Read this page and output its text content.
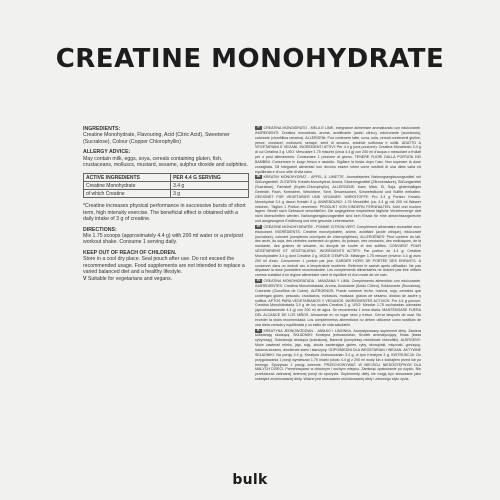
CREATINE MONOHYDRATE
INGREDIENTS:

Creatine Monohydrate, Flavouring, Acid (Citric Acid), Sweetener (Sucralose), Colour (Copper Chlorophyllin)

ALLERGY ADVICE:

May contain milk, eggs, soya, cereals containing gluten, fish, crustaceans, molluscs, mustard, sesame, sulphur dioxide and sulphites.

ACTIVE INGREDIENTS	PER 4.4 G SERVING
Creatine Monohydrate	3.4 g
of which Creatine	3 g

*Creatine increases physical performance in successive bursts of short term, high intensity exercise. The beneficial effect is obtained with a daily intake of 3 g of creatine.

DIRECTIONS:

Mix 1.75 scoops (approximately 4.4 g) with 200 ml water or a pre/post workout shake. Consume 1 serving daily.

KEEP OUT OF REACH OF CHILDREN.

Store in a cool dry place. Seal pouch after use. Do not exceed the recommended usage. Food supplements are not intended to replace a varied balanced diet and a healthy lifestyle.

V Suitable for vegetarians and vegans.

IT CREATINA MONOIDRATO - MELA E LIME. Integratore alimentare aromatizzato con edulcorante. INGREDIENTI: Creatina monoidrato, aroma, acidificante (acido citrico), edulcorante (sucralosio), colorante (clorofillina rameica). ALLERGENI: Può contenere latte, uova, soia, cereali contenenti glutine, pesce, crostacei, molluschi, senape, semi di sesamo, anidride solforosa e solfiti. ADATTO A VEGETARIANI E VEGANI. INGREDIENTI ATTIVI: Per 4.4 g (una porzione): Creatina Monoidrato 3.4 g di cui Creatina 3 g. USO: Mescolare 1.75 misurini (circa 4.4 g) con 200 ml d'acqua o mescolare a frullati pre o post allenamento. Consumare 1 porzione al giorno. TENERE FUORI DALLA PORTATA DEI BAMBINI. Conservare in luogo fresco e asciutto. Sigillare la busta dopo l'uso. Non superare la dose consigliata. Gli integratori alimentari non devono essere intesi come sostituti di una dieta varia ed equilibrata e di uno stile di vita sano.

DE KREATIN MONOHYDRAT - APFEL & LIMETTE. Aromatisiertes Nahrungsergänzungsmittel mit Süßungsmittel. ZUTATEN: Kreatin-Monohydrat, Aroma, Säuerungsmittel (Zitronensäure), Süßungsmittel (Sucralose), Farbstoff (Kupfer-Chlorophyllin). ALLERGENE: Kann Milch, Ei, Soja, glutenhaltiges Getreide, Fisch, Krebstiere, Weichtiere, Senf, Sesamsamen, Schwefeldioxid und Sulfite enthalten. GEEIGNET FÜR VEGETARIER UND VEGANER. WIRKSTOFFE: Pro 4.4 g Portion: Kreatin-Monohydrat 3.4 g davon Kreatin 3 g. ANWENDUNG: 1.75 Messlöffel (ca. 4.4 g) mit 200 ml Wasser mischen. Täglich 1 Portion verzehren. PRODUKT VON KINDERN FERNHALTEN. Kühl und trocken lagern. Beutel nach Gebrauch verschließen. Die angegebene empfohlene tägliche Verzehrmenge darf nicht überschritten werden. Nahrungsergänzungsmittel sind kein Ersatz für eine abwechslungsreiche und ausgewogene Ernährung und eine gesunde Lebensweise.

FR CRÉATINE MONOHYDRATÉE - POMME CITRON VERT. Complément alimentaire aromatisé avec édulcorant. INGRÉDIENTS: Créatine monohydratée, arôme, acidifiant (acide citrique), édulcorant (sucralose), colorant (complexes cuivriques de chlorophyllines). ALLERGÈNES: Peut contenir du lait, des œufs, du soja, des céréales contenant du gluten, du poisson, des crustacés, des mollusques, de la moutarde, des graines de sésame, du dioxyde de soufre et des sulfites. CONVIENT POUR VÉGÉTARIENS ET VÉGÉTALIENS. INGRÉDIENTS ACTIFS: Par portion de 4.4 g: Créatine Monohydratée 3.4 g dont Créatine 3 g. MODE D'EMPLOI: Mélanger 1.75 mesure (environ 4.4 g) avec 200 ml d'eau. Consommer 1 portion par jour. GARDER HORS DE PORTÉE DES ENFANTS. À conserver dans un endroit sec à température modérée. Refermer le sachet après utilisation. Ne pas dépasser la dose journalière recommandée. Les compléments alimentaires ne doivent pas être utilisés comme substitut d'un régime alimentaire varié et équilibré et d'un mode de vie sain.

ES CREATINA MONOHIDRATADA - MANZANA Y LIMA. Complemento alimenticio con edulcorante. INGREDIENTES: Creatina Monohidratada, Aroma, Acidulante (Ácido Cítrico), Edulcorante (Sucralosa), Colorante (Clorofilina de Cobre). ALÉRGENOS: Puede contener leche, huevos, soja, cereales que contengan gluten, pescado, crustáceos, moluscos, mostaza, granos de sésamo, dióxido de azufre y sulfitos. APTOS PARA VEGETARIANOS Y VEGANOS. INGREDIENTES ACTIVOS: Por 4.4 g porción: Creatina Monohidratada 3.4 g de los cuales Creatina 3 g. USO: Mezclar 1.75 cucharadas colmadas (aproximadamente 4.4 g) con 200 ml de agua. Se recomienda 1 toma diaria. MANTÉNGASE FUERA DEL ALCANCE DE LOS NIÑOS. Almacenar en un lugar seco y fresco. Cerrar después de usar. No exceder la dosis recomendada. Los complementos alimenticios no deben utilizarse como sustituto de una dieta variada y equilibrada y un estilo de vida saludable.

PL KREATYNA JEDNOWODZIAN - JABŁKO I LIMONKA. Aromatyzowany suplement diety. Zawiera substancję słodzącą. SKŁADNIKI: Kreatyna jednowodzian, Środek aromatyzujący, Kwas (kwas cytrynowy), Substancja słodząca (sukraloza), Barwnik (kompleksy miedziowe chlorofilin). ALERGENY: Może zawierać mleko, jaja, soję, zboża zawierające gluten, ryby, skorupiaki, mięczaki, gorczycę, nasiona sezamu, dwutlenek siarki i siarczyny. ODPOWIEDNI DLA WEGETARIAN I WEGAN. AKTYWNE SKŁADNIKI: Na porcję 4.4 g: Kreatyna Jednowodzian 3.4 g, w tym Kreatyna 3 g. INSTRUKCJA: Do przygotowania 1 porcji wymieszać 1.75 miarki (około 4.4 g) z 200 ml wody lub z koktajlem przed lub po treningu. Spożywać 1 porcję dziennie. PRZECHOWYWAĆ W MIEJSCU NIEDOSTĘPNYM DLA MAŁYCH DZIECI. Przechowywać w chłodnym i suchym miejscu. Zamknąć opakowanie po użyciu. Nie przekraczać zalecanej dziennej porcji do spożycia. Suplementy diety nie mogą być stosowane jako substytut zróżnicowanej diety. Ważne jest stosowanie zróżnicowanej diety i zdrowego stylu życia.

bulk
